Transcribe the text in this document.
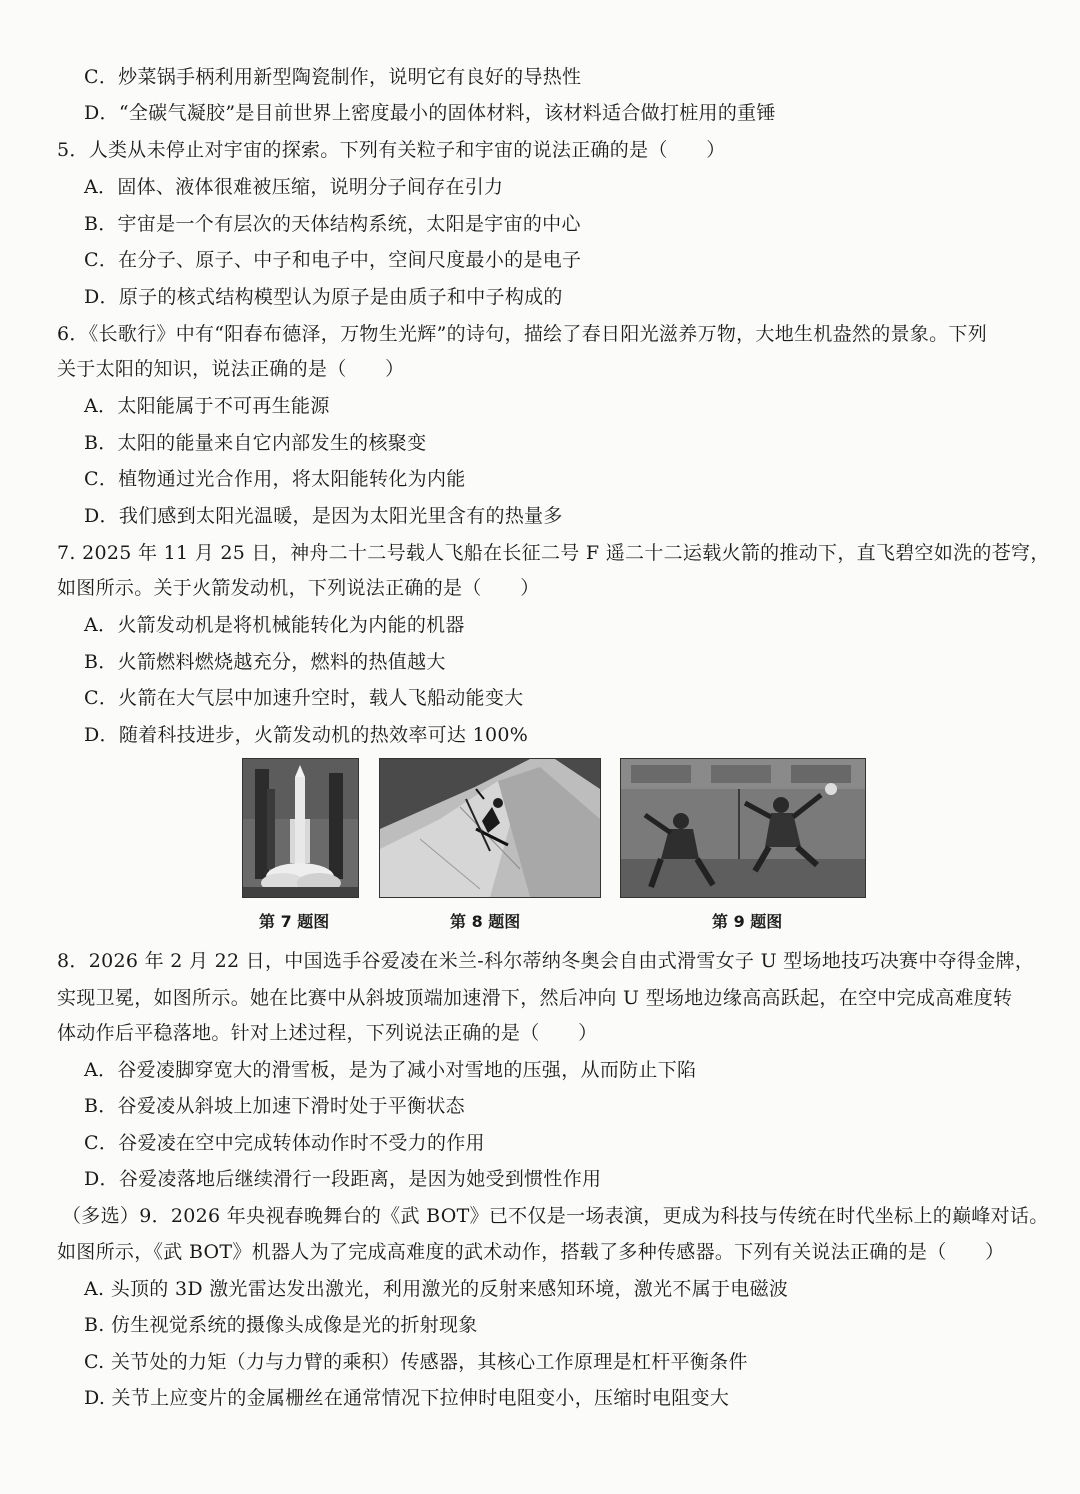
C．炒菜锅手柄利用新型陶瓷制作，说明它有良好的导热性
D．“全碳气凝胶”是目前世界上密度最小的固体材料，该材料适合做打桩用的重锤
5．人类从未停止对宇宙的探索。下列有关粒子和宇宙的说法正确的是（　　）
A．固体、液体很难被压缩，说明分子间存在引力
B．宇宙是一个有层次的天体结构系统，太阳是宇宙的中心
C．在分子、原子、中子和电子中，空间尺度最小的是电子
D．原子的核式结构模型认为原子是由质子和中子构成的
6．《长歌行》中有“阳春布德泽，万物生光辉”的诗句，描绘了春日阳光滋养万物，大地生机盎然的景象。下列
关于太阳的知识，说法正确的是（　　）
A．太阳能属于不可再生能源
B．太阳的能量来自它内部发生的核聚变
C．植物通过光合作用，将太阳能转化为内能
D．我们感到太阳光温暖，是因为太阳光里含有的热量多
7. 2025 年 11 月 25 日，神舟二十二号载人飞船在长征二号 F 遥二十二运载火箭的推动下，直飞碧空如洗的苍穹，
如图所示。关于火箭发动机，下列说法正确的是（　　）
A．火箭发动机是将机械能转化为内能的机器
B．火箭燃料燃烧越充分，燃料的热值越大
C．火箭在大气层中加速升空时，载人飞船动能变大
D．随着科技进步，火箭发动机的热效率可达 100%
第 7 题图	第 8 题图	第 9 题图
8．2026 年 2 月 22 日，中国选手谷爱凌在米兰-科尔蒂纳冬奥会自由式滑雪女子 U 型场地技巧决赛中夺得金牌，
实现卫冕，如图所示。她在比赛中从斜坡顶端加速滑下，然后冲向 U 型场地边缘高高跃起，在空中完成高难度转
体动作后平稳落地。针对上述过程，下列说法正确的是（　　）
A．谷爱凌脚穿宽大的滑雪板，是为了减小对雪地的压强，从而防止下陷
B．谷爱凌从斜坡上加速下滑时处于平衡状态
C．谷爱凌在空中完成转体动作时不受力的作用
D．谷爱凌落地后继续滑行一段距离，是因为她受到惯性作用
（多选）9．2026 年央视春晚舞台的《武 BOT》已不仅是一场表演，更成为科技与传统在时代坐标上的巅峰对话。
如图所示，《武 BOT》机器人为了完成高难度的武术动作，搭载了多种传感器。下列有关说法正确的是（　　）
A. 头顶的 3D 激光雷达发出激光，利用激光的反射来感知环境，激光不属于电磁波
B. 仿生视觉系统的摄像头成像是光的折射现象
C. 关节处的力矩（力与力臂的乘积）传感器，其核心工作原理是杠杆平衡条件
D. 关节上应变片的金属栅丝在通常情况下拉伸时电阻变小，压缩时电阻变大
